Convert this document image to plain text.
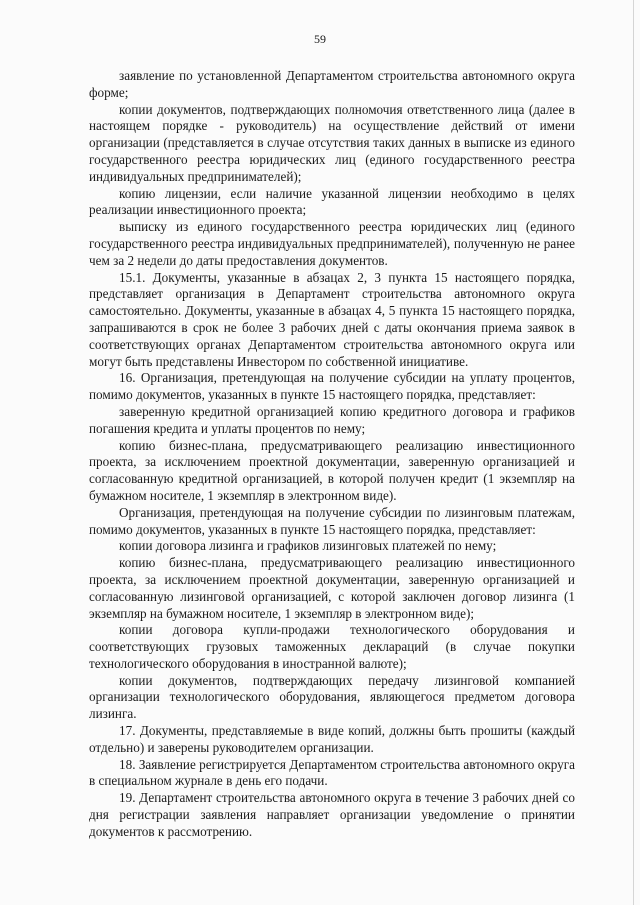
59

заявление по установленной Департаментом строительства автономного округа форме;

копии документов, подтверждающих полномочия ответственного лица (далее в настоящем порядке - руководитель) на осуществление действий от имени организации (представляется в случае отсутствия таких данных в выписке из единого государственного реестра юридических лиц (единого государственного реестра индивидуальных предпринимателей);

копию лицензии, если наличие указанной лицензии необходимо в целях реализации инвестиционного проекта;

выписку из единого государственного реестра юридических лиц (единого государственного реестра индивидуальных предпринимателей), полученную не ранее чем за 2 недели до даты предоставления документов.

15.1. Документы, указанные в абзацах 2, 3 пункта 15 настоящего порядка, представляет организация в Департамент строительства автономного округа самостоятельно. Документы, указанные в абзацах 4, 5 пункта 15 настоящего порядка, запрашиваются в срок не более 3 рабочих дней с даты окончания приема заявок в соответствующих органах Департаментом строительства автономного округа или могут быть представлены Инвестором по собственной инициативе.

16. Организация, претендующая на получение субсидии на уплату процентов, помимо документов, указанных в пункте 15 настоящего порядка, представляет:

заверенную кредитной организацией копию кредитного договора и графиков погашения кредита и уплаты процентов по нему;

копию бизнес-плана, предусматривающего реализацию инвестиционного проекта, за исключением проектной документации, заверенную организацией и согласованную кредитной организацией, в которой получен кредит (1 экземпляр на бумажном носителе, 1 экземпляр в электронном виде).

Организация, претендующая на получение субсидии по лизинговым платежам, помимо документов, указанных в пункте 15 настоящего порядка, представляет:

копии договора лизинга и графиков лизинговых платежей по нему;

копию бизнес-плана, предусматривающего реализацию инвестиционного проекта, за исключением проектной документации, заверенную организацией и согласованную лизинговой организацией, с которой заключен договор лизинга (1 экземпляр на бумажном носителе, 1 экземпляр в электронном виде);

копии договора купли-продажи технологического оборудования и соответствующих грузовых таможенных деклараций (в случае покупки технологического оборудования в иностранной валюте);

копии документов, подтверждающих передачу лизинговой компанией организации технологического оборудования, являющегося предметом договора лизинга.

17. Документы, представляемые в виде копий, должны быть прошиты (каждый отдельно) и заверены руководителем организации.

18. Заявление регистрируется Департаментом строительства автономного округа в специальном журнале в день его подачи.

19. Департамент строительства автономного округа в течение 3 рабочих дней со дня регистрации заявления направляет организации уведомление о принятии документов к рассмотрению.
